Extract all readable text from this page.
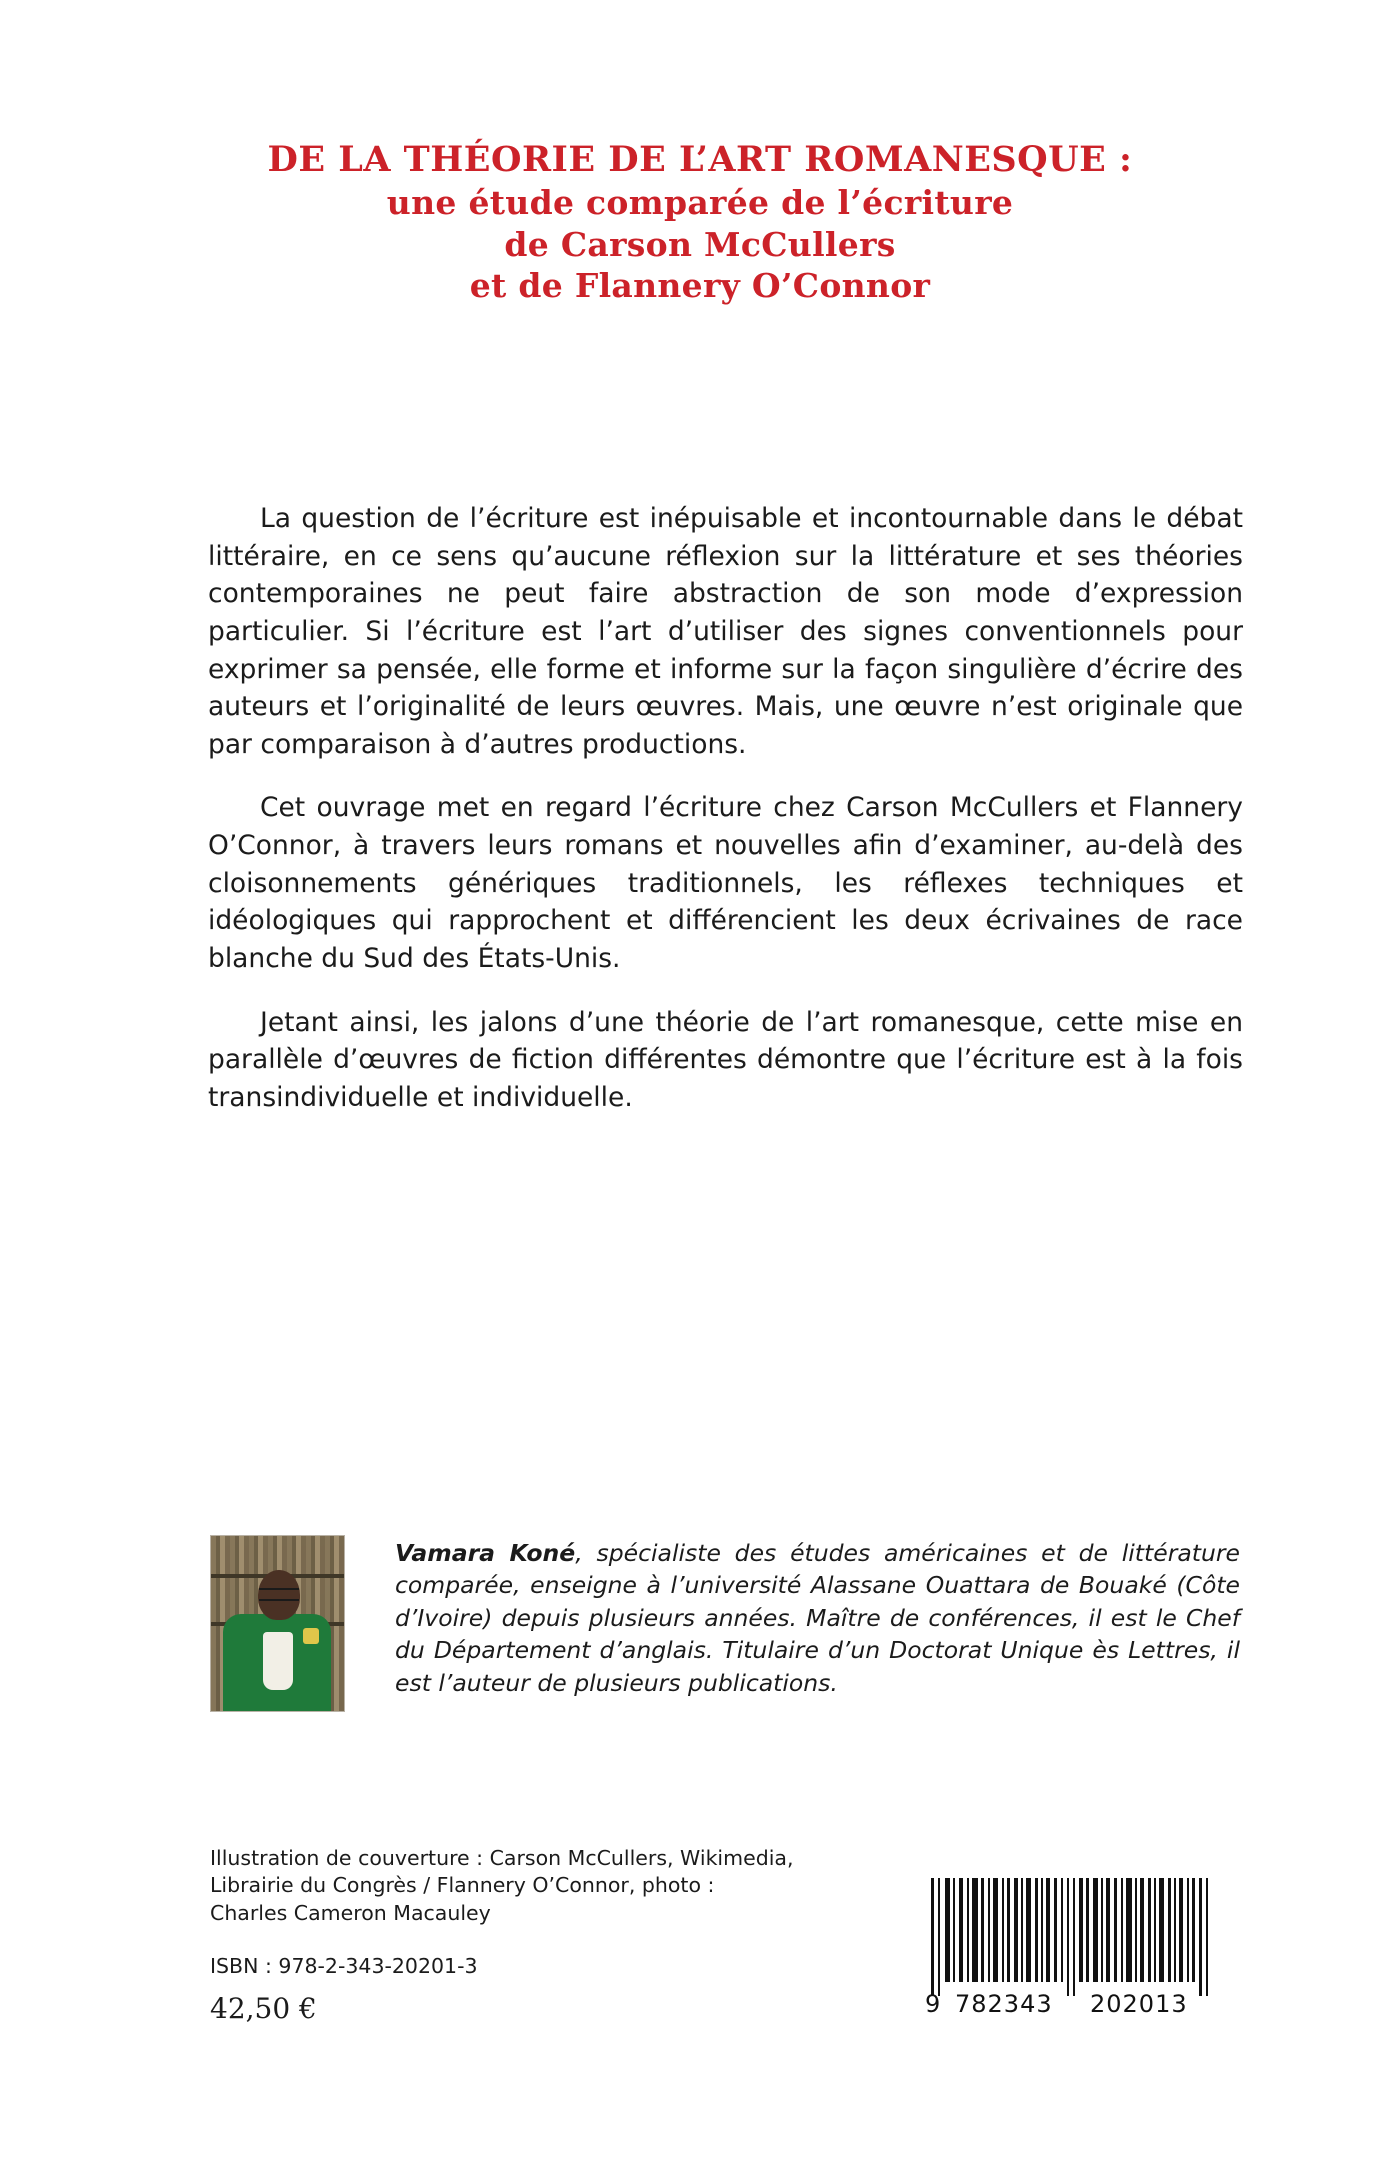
DE LA THÉORIE DE L’ART ROMANESQUE :
une étude comparée de l’écriture
de Carson McCullers
et de Flannery O’Connor

La question de l’écriture est inépuisable et incontournable dans le débat littéraire, en ce sens qu’aucune réflexion sur la littérature et ses théories contemporaines ne peut faire abstraction de son mode d’expression particulier. Si l’écriture est l’art d’utiliser des signes conventionnels pour exprimer sa pensée, elle forme et informe sur la façon singulière d’écrire des auteurs et l’originalité de leurs œuvres. Mais, une œuvre n’est originale que par comparaison à d’autres productions.

Cet ouvrage met en regard l’écriture chez Carson McCullers et Flannery O’Connor, à travers leurs romans et nouvelles afin d’examiner, au-delà des cloisonnements génériques traditionnels, les réflexes techniques et idéologiques qui rapprochent et différencient les deux écrivaines de race blanche du Sud des États-Unis.

Jetant ainsi, les jalons d’une théorie de l’art romanesque, cette mise en parallèle d’œuvres de fiction différentes démontre que l’écriture est à la fois transindividuelle et individuelle.

Vamara Koné, spécialiste des études américaines et de littérature comparée, enseigne à l’université Alassane Ouattara de Bouaké (Côte d’Ivoire) depuis plusieurs années. Maître de conférences, il est le Chef du Département d’anglais. Titulaire d’un Doctorat Unique ès Lettres, il est l’auteur de plusieurs publications.

Illustration de couverture : Carson McCullers, Wikimedia,

Librairie du Congrès / Flannery O’Connor, photo :

Charles Cameron Macauley

ISBN : 978-2-343-20201-3

42,50 €	9 782343 202013
